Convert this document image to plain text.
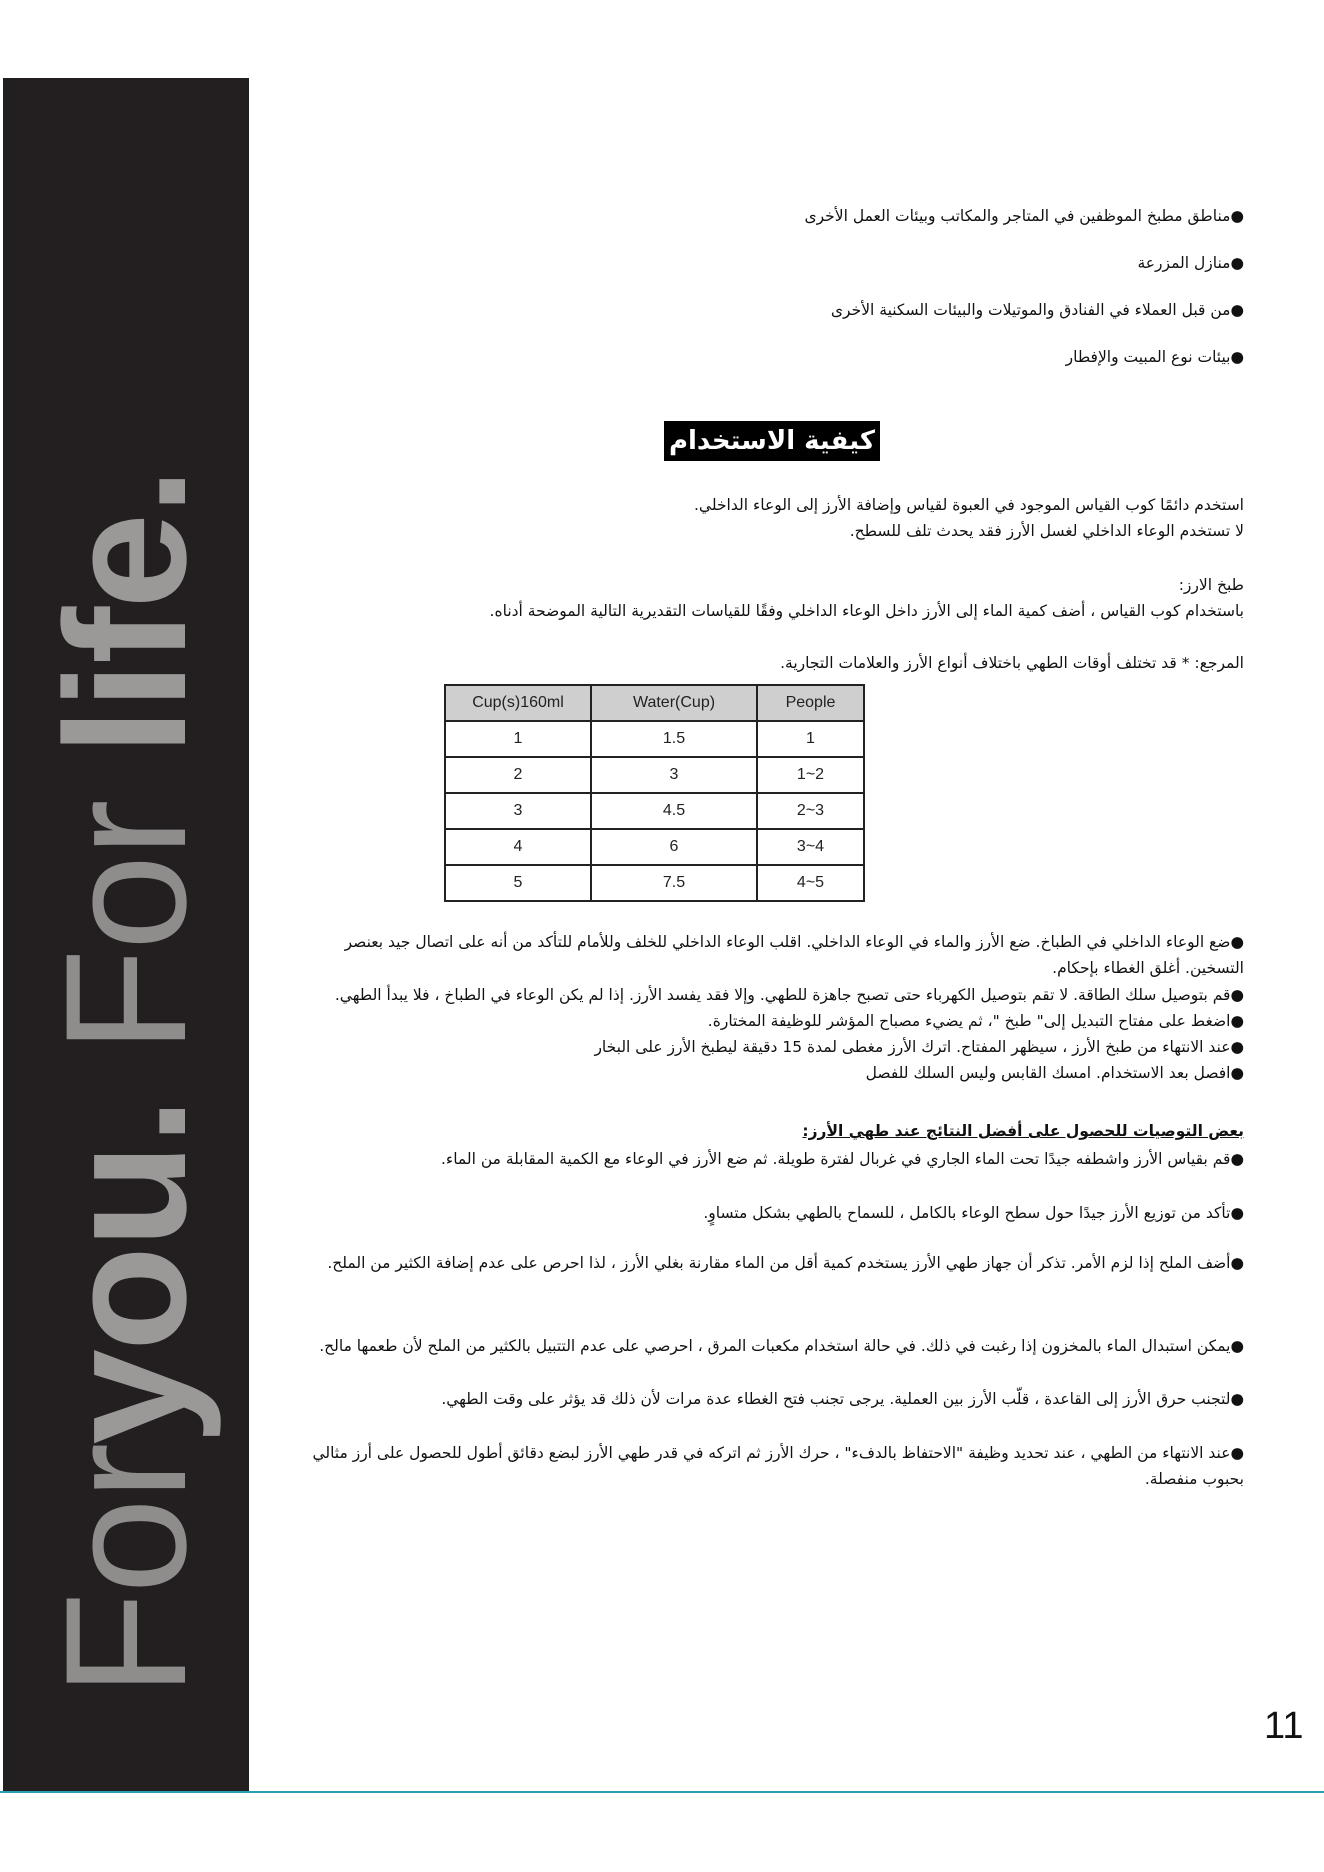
Foryou. For life.

●مناطق مطبخ الموظفين في المتاجر والمكاتب وبيئات العمل الأخرى

●منازل المزرعة

●من قبل العملاء في الفنادق والموتيلات والبيئات السكنية الأخرى

●بيئات نوع المبيت والإفطار

كيفية الاستخدام

استخدم دائمًا كوب القياس الموجود في العبوة لقياس وإضافة الأرز إلى الوعاء الداخلي.

لا تستخدم الوعاء الداخلي لغسل الأرز فقد يحدث تلف للسطح.

طبخ الارز:

باستخدام كوب القياس ، أضف كمية الماء إلى الأرز داخل الوعاء الداخلي وفقًا للقياسات التقديرية التالية الموضحة أدناه.

المرجع: * قد تختلف أوقات الطهي باختلاف أنواع الأرز والعلامات التجارية.

●ضع الوعاء الداخلي في الطباخ. ضع الأرز والماء في الوعاء الداخلي. اقلب الوعاء الداخلي للخلف وللأمام للتأكد من أنه على اتصال جيد بعنصر التسخين. أغلق الغطاء بإحكام.

●قم بتوصيل سلك الطاقة. لا تقم بتوصيل الكهرباء حتى تصبح جاهزة للطهي. وإلا فقد يفسد الأرز. إذا لم يكن الوعاء في الطباخ ، فلا يبدأ الطهي.

●اضغط على مفتاح التبديل إلى" طبخ "، ثم يضيء مصباح المؤشر للوظيفة المختارة.

●عند الانتهاء من طبخ الأرز ، سيظهر المفتاح. اترك الأرز مغطى لمدة 15 دقيقة ليطبخ الأرز على البخار

●افصل بعد الاستخدام. امسك القابس وليس السلك للفصل

بعض التوصيات للحصول على أفضل النتائج عند طهي الأرز:

●قم بقياس الأرز واشطفه جيدًا تحت الماء الجاري في غربال لفترة طويلة. ثم ضع الأرز في الوعاء مع الكمية المقابلة من الماء.

●تأكد من توزيع الأرز جيدًا حول سطح الوعاء بالكامل ، للسماح بالطهي بشكل متساوٍ.

●أضف الملح إذا لزم الأمر. تذكر أن جهاز طهي الأرز يستخدم كمية أقل من الماء مقارنة بغلي الأرز ، لذا احرص على عدم إضافة الكثير من الملح.

●يمكن استبدال الماء بالمخزون إذا رغبت في ذلك. في حالة استخدام مكعبات المرق ، احرصي على عدم التتبيل بالكثير من الملح لأن طعمها مالح.

●لتجنب حرق الأرز إلى القاعدة ، قلّب الأرز بين العملية. يرجى تجنب فتح الغطاء عدة مرات لأن ذلك قد يؤثر على وقت الطهي.

●عند الانتهاء من الطهي ، عند تحديد وظيفة "الاحتفاظ بالدفء" ، حرك الأرز ثم اتركه في قدر طهي الأرز لبضع دقائق أطول للحصول على أرز مثالي بحبوب منفصلة.

Cup(s)160ml	Water(Cup)	People
1	1.5	1
2	3	1~2
3	4.5	2~3
4	6	3~4
5	7.5	4~5
11
